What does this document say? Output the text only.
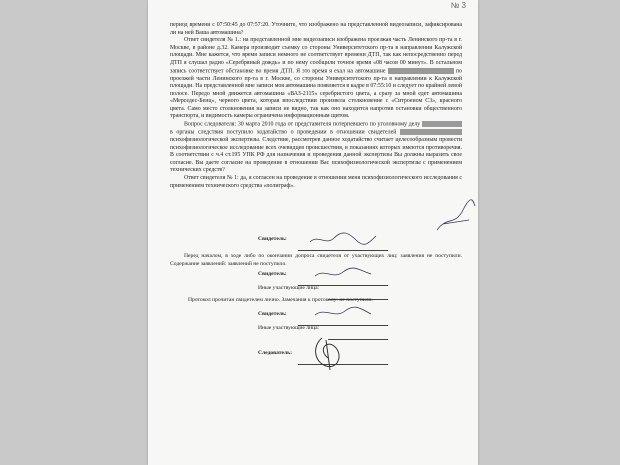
№ 3

период времени с 07:50:45 до 07:57:20. Уточните, что изображено на представленной видеозаписи, зафиксирована ли на ней Ваша автомашина?

Ответ свидетеля № 1.: на представленной мне видеозаписи изображена проезжая часть Ленинского пр-та в г. Москве, в районе д.32. Камера производит съемку со стороны Университетского пр-та в направлении Калужской площади. Мне кажется, что время записи немного не соответствует времени ДТП, так как непосредственно перед ДТП я слушал радио «Серебряный дождь» и по нему сообщили точное время «08 часов 00 минут». В остальном запись соответствует обстановке во время ДТП. Я это время я ехал на автомашине	по проезжей части Ленинского пр-та в г. Москве, со стороны Университетского пр-та в направлении к Калужской площади. На представленной мне записи моя автомашина появляется в кадре в 07:55:10 и следует по крайней левой полосе. Передо мной движется автомашина «ВАЗ-2115» серебристого цвета, а сразу за мной едет автомашина «Мерседес-Бенц», черного цвета, которая впоследствии произвела столкновение с «Ситроеном С3», красного цвета. Само место столкновения на записи не видно, так как оно находится напротив остановки общественного транспорта, и видимость камеры ограничена информационным щитом.

Вопрос следователя: 30 марта 2010 года от представителя потерпевшего по уголовному делу  в органы следствия поступило ходатайство о проведении в отношении свидетелей  психофизиологической экспертизы. Следствие, рассмотрев данное ходатайство считает целесообразным провести психофизиологическое исследование всех очевидцев происшествия, в показаниях которых имеются противоречия. В соответствии с ч.4 ст.195 УПК РФ для назначения и проведения данной экспертизы Вы должны выразить свое согласие. Вы даете согласие на проведение в отношении Вас психофизиологической экспертизы с применением технических средств?

Ответ свидетеля № 1: да, я согласен на проведение в отношении меня психофизиологического исследования с применением технического средства «полиграф».

Свидетель:
Перед началом, в ходе либо по окончании допроса свидетеля от участвующих лиц: заявления не поступили. Содержание заявлений: заявлений не поступило.
Свидетель:
Иные участвующие лица:
Протокол прочитан свидетелем лично. Замечания к протоколу: не поступили.
Свидетель:
Иные участвующие лица:
Следователь:
